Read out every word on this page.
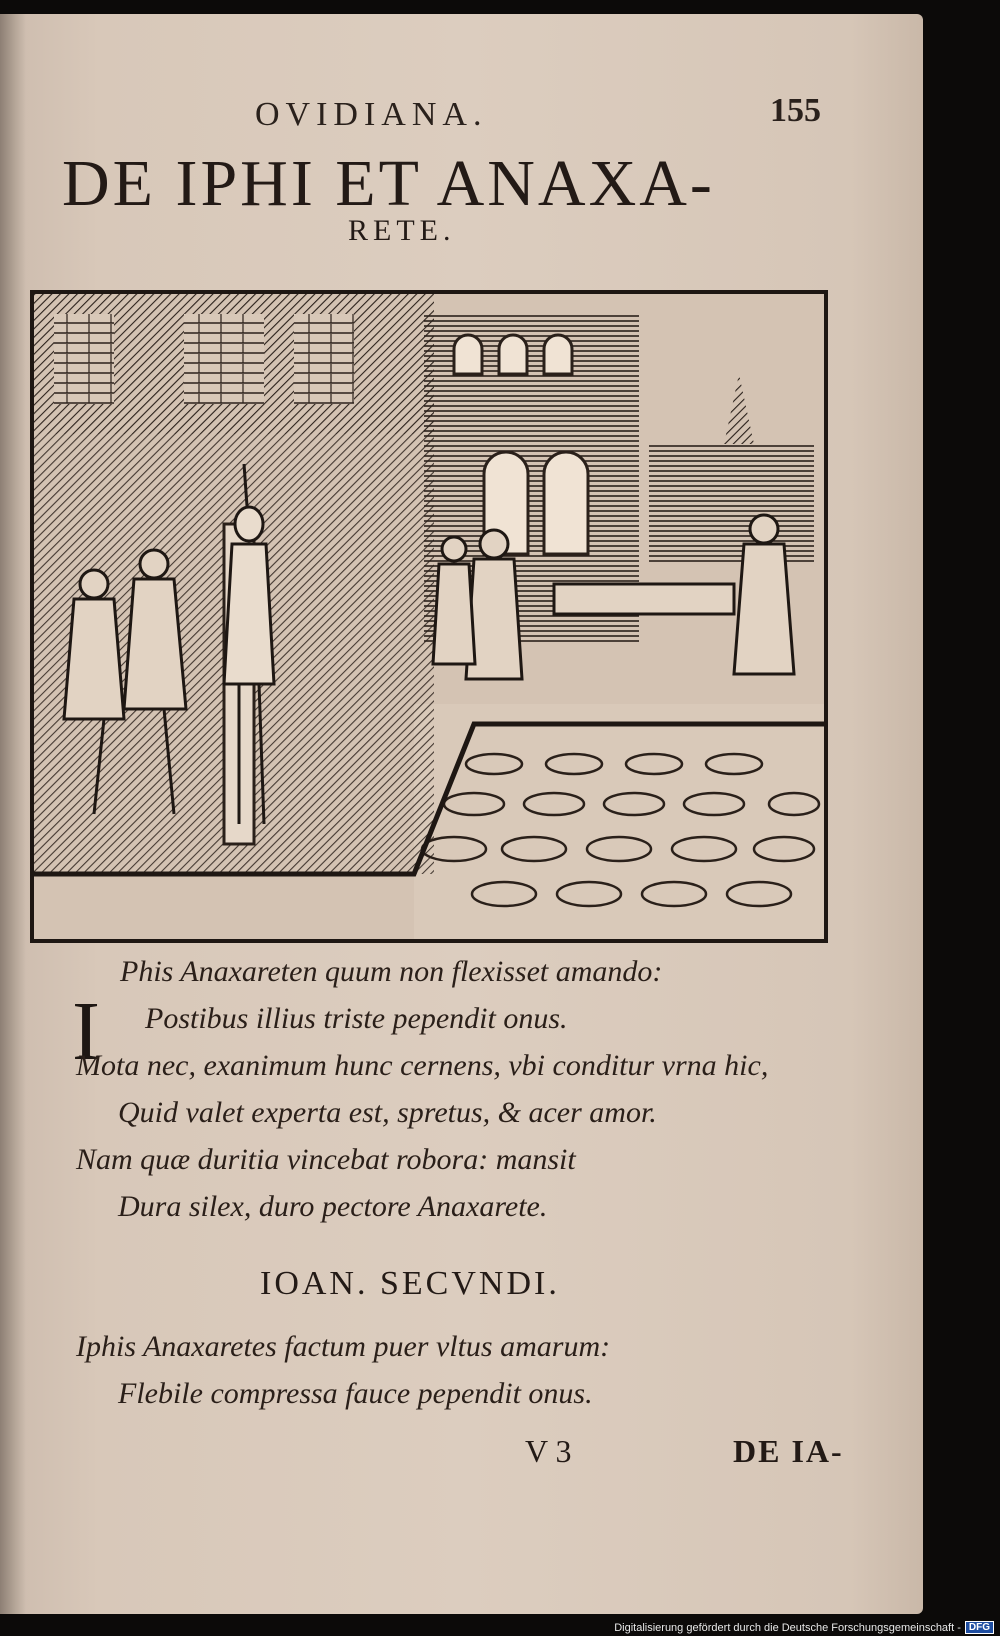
OVIDIANA.	155
DE IPHI ET ANAXA-
RETE.
I
Phis Anaxareten quum non flexisset amando:
Postibus illius triste pependit onus.
Mota nec, exanimum hunc cernens, vbi conditur vrna hic,
Quid valet experta est, spretus, & acer amor.
Nam quæ duritia vincebat robora: mansit
Dura silex, duro pectore Anaxarete.
IOAN. SECVNDI.
Iphis Anaxaretes factum puer vltus amarum:
Flebile compressa fauce pependit onus.
V 3	DE IA-
Digitalisierung gefördert durch die Deutsche Forschungsgemeinschaft - DFG
